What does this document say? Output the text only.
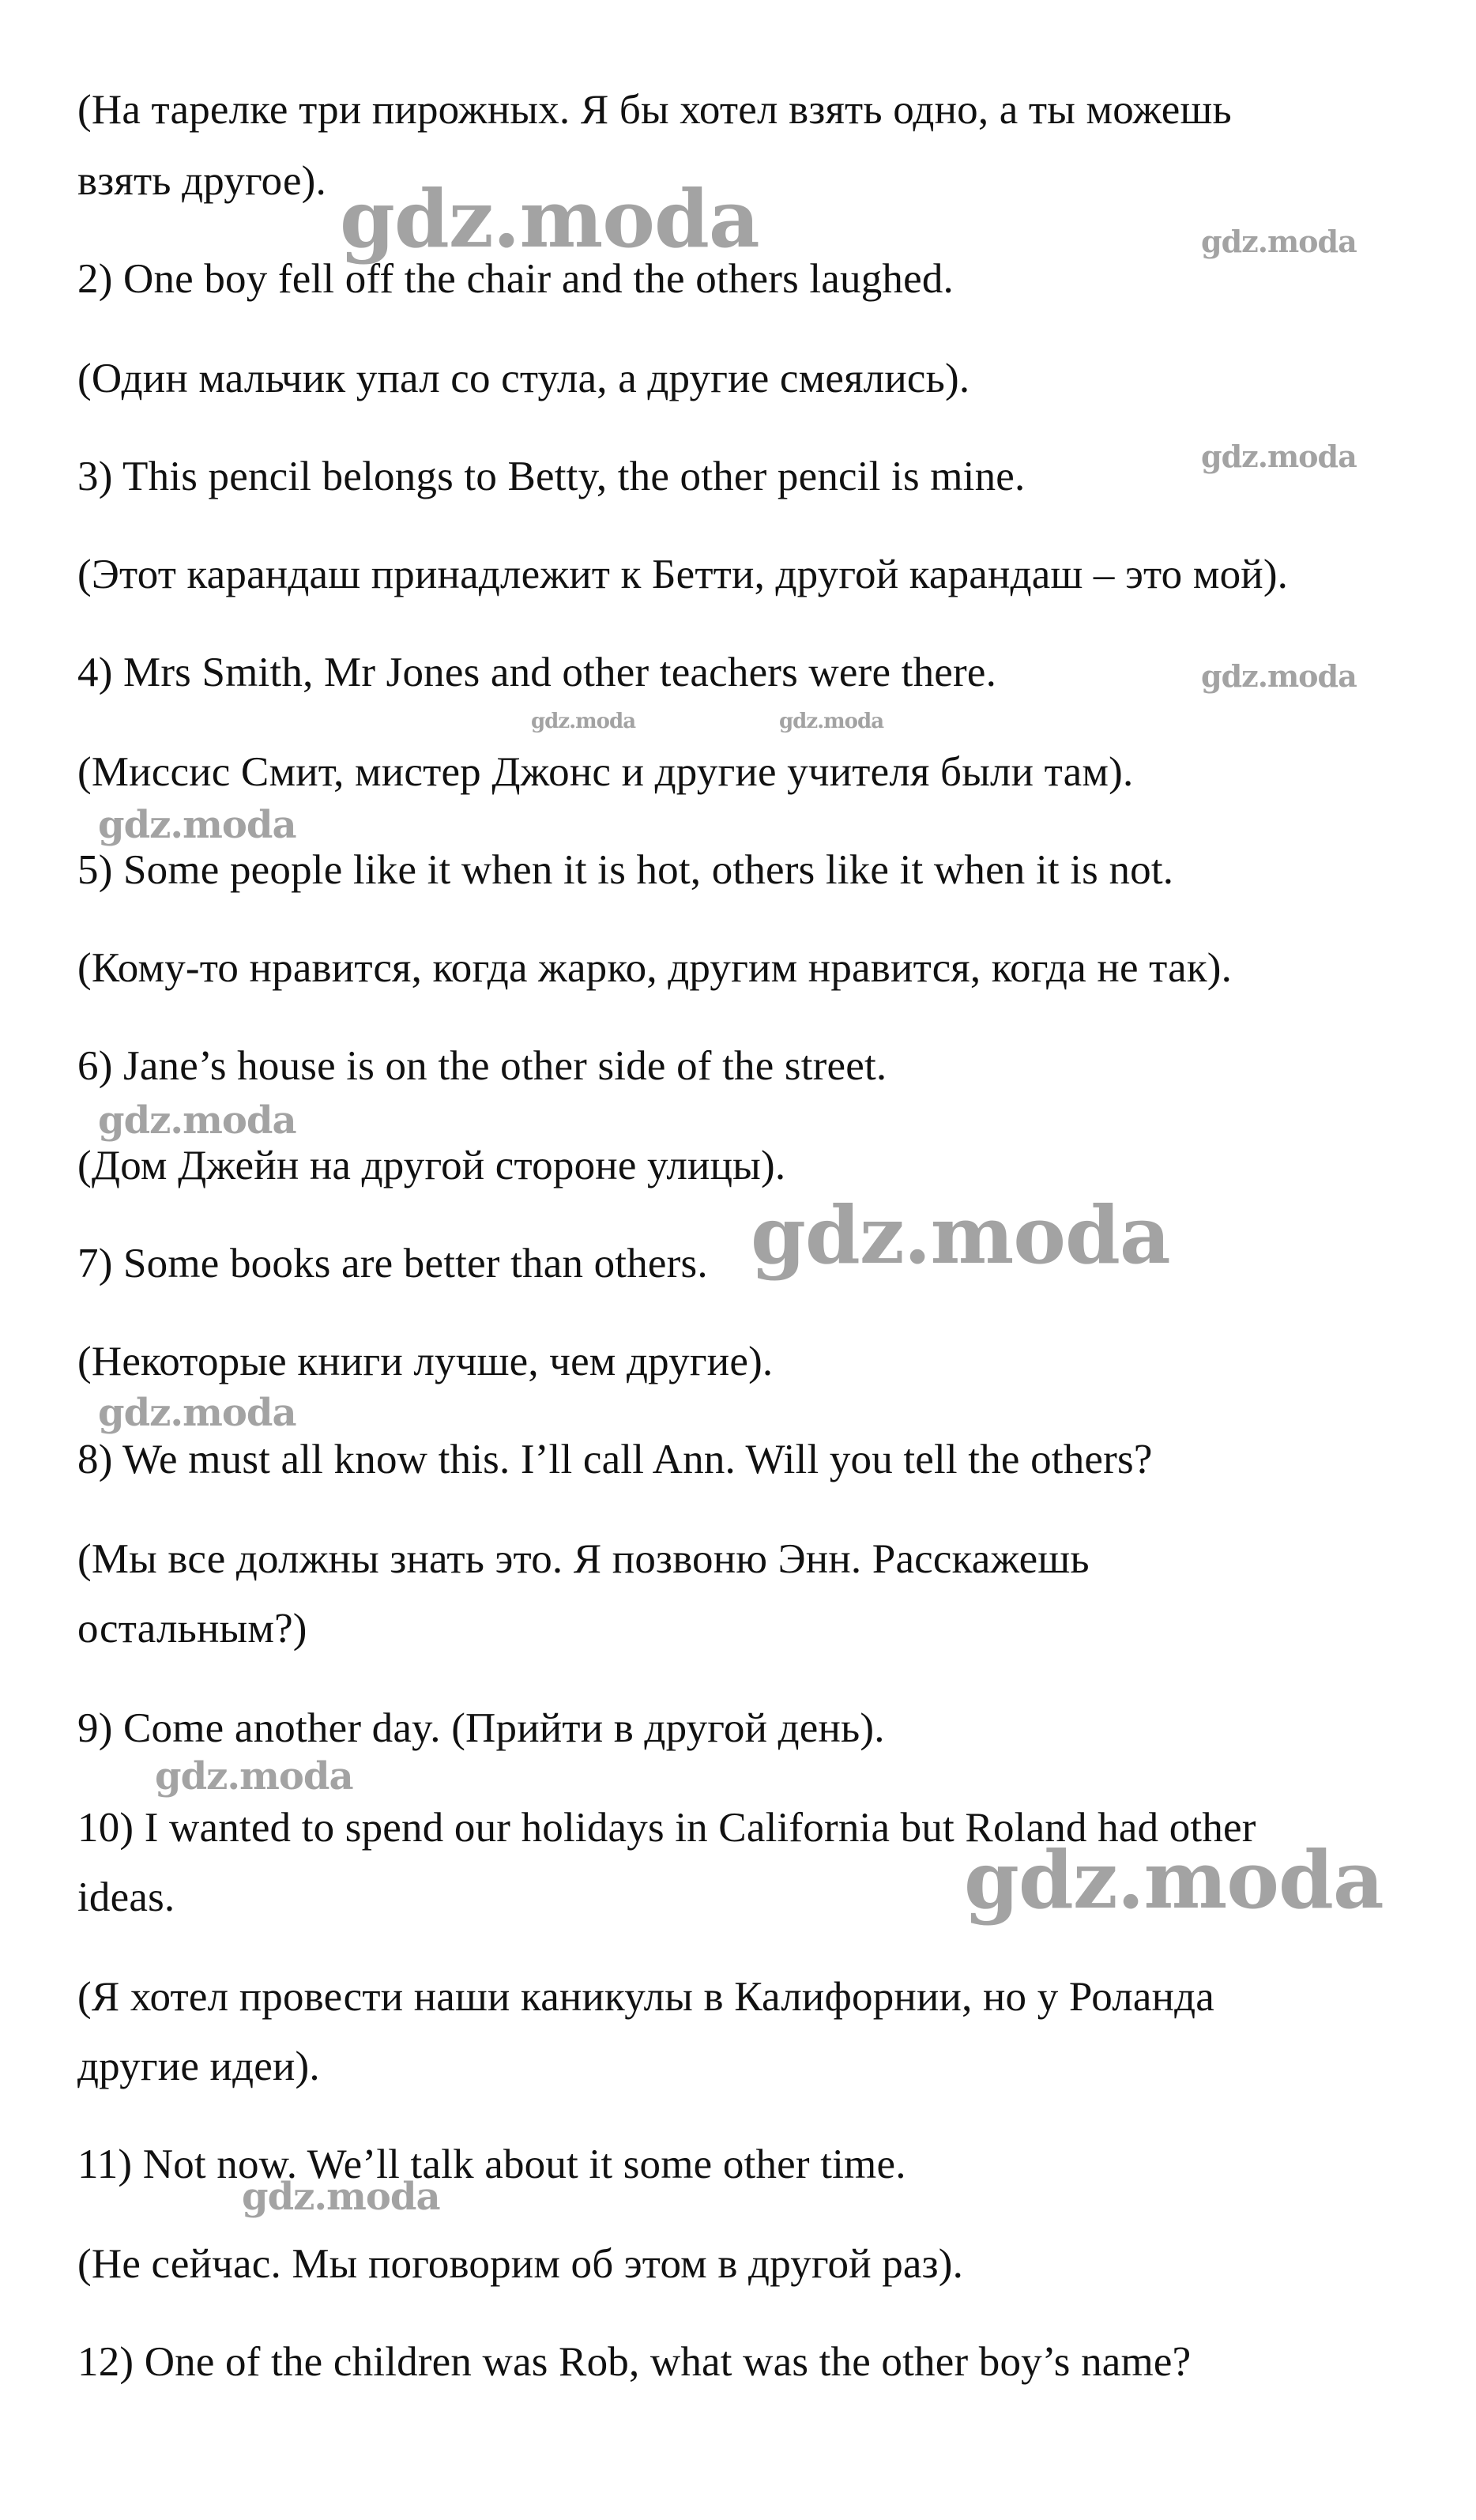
(На тарелке три пирожных. Я бы хотел взять одно, а ты можешь
взять другое).
2) One boy fell off the chair and the others laughed.
(Один мальчик упал со стула, а другие смеялись).
3) This pencil belongs to Betty, the other pencil is mine.
(Этот карандаш принадлежит к Бетти, другой карандаш – это мой).
4) Mrs Smith, Mr Jones and other teachers were there.
(Миссис Смит, мистер Джонс и другие учителя были там).
5) Some people like it when it is hot, others like it when it is not.
(Кому-то нравится, когда жарко, другим нравится, когда не так).
6) Jane’s house is on the other side of the street.
(Дом Джейн на другой стороне улицы).
7) Some books are better than others.
(Некоторые книги лучше, чем другие).
8) We must all know this. I’ll call Ann. Will you tell the others?
(Мы все должны знать это. Я позвоню Энн. Расскажешь
остальным?)
9) Come another day. (Прийти в другой день).
10) I wanted to spend our holidays in California but Roland had other
ideas.
(Я хотел провести наши каникулы в Калифорнии, но у Роланда
другие идеи).
11) Not now. We’ll talk about it some other time.
(Не сейчас. Мы поговорим об этом в другой раз).
12) One of the children was Rob, what was the other boy’s name?
gdz.moda	gdz.moda
gdz.moda
gdz.moda
gdz.moda	gdz.moda
gdz.moda
gdz.moda
gdz.moda
gdz.moda
gdz.moda
gdz.moda
gdz.moda
